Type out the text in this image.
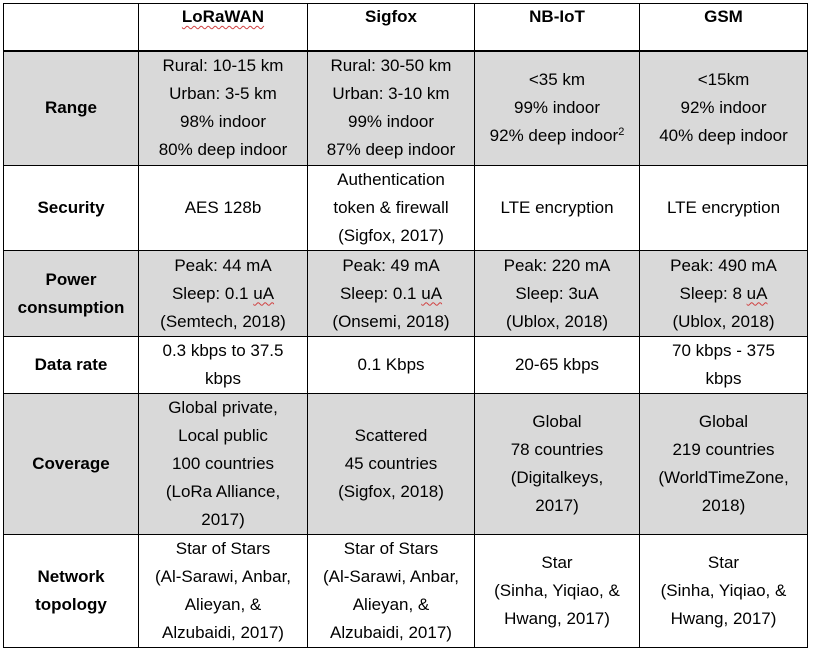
	LoRaWAN	Sigfox	NB-IoT	GSM

Range	Rural: 10-15 km
Urban: 3-5 km
98% indoor
80% deep indoor	Rural: 30-50 km
Urban: 3-10 km
99% indoor
87% deep indoor	<35 km
99% indoor
92% deep indoor$^2$	<15km
92% indoor
40% deep indoor

Security	AES 128b	Authentication
token & firewall
(Sigfox, 2017)	LTE encryption	LTE encryption

Power
consumption	Peak: 44 mA
Sleep: 0.1 uA
(Semtech, 2018)	Peak: 49 mA
Sleep: 0.1 uA
(Onsemi, 2018)	Peak: 220 mA
Sleep: 3uA
(Ublox, 2018)	Peak: 490 mA
Sleep: 8 uA
(Ublox, 2018)

Data rate	0.3 kbps to 37.5
kbps	0.1 Kbps	20-65 kbps	70 kbps - 375
kbps

Coverage	Global private,
Local public
100 countries
(LoRa Alliance,
2017)	Scattered
45 countries
(Sigfox, 2018)	Global
78 countries
(Digitalkeys,
2017)	Global
219 countries
(WorldTimeZone,
2018)

Network
topology	Star of Stars
(Al-Sarawi, Anbar,
Alieyan, &
Alzubaidi, 2017)	Star of Stars
(Al-Sarawi, Anbar,
Alieyan, &
Alzubaidi, 2017)	Star
(Sinha, Yiqiao, &
Hwang, 2017)	Star
(Sinha, Yiqiao, &
Hwang, 2017)
